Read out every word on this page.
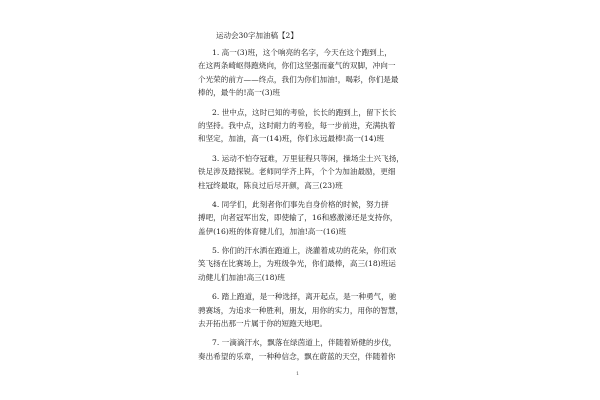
运动会30字加油稿【2】
1. 高一(3)班，这个响亮的名字，今天在这个跑到上，
在这两条崎岖得跑烧向，你们这坚强而豪气的双脚，冲向一
个光荣的前方——终点，我们为你们加油!，喝彩，你们是最
棒的，最牛的!高一(3)班
2. 世中点，这时已知的考验，长长的跑到上，留下长长
的坚持。我中点，这时耐力的考验，每一步前进，充满执着
和坚定，加油，高一(14)班，你们永远最棒!高一(14)班
3. 运动不怕夺冠难，万里征程只等闲，操场尘土兴飞扬，
铁足涉及踏探锐。老师同学齐上阵，个个为加油最励，更细
柱冠终最取，陈良过后尽开颜，高三(23)班
4. 同学们，此刻者你们事先自身价格的时候，努力拼
搏吧，向者冠军出发，即使输了，16和感激涕还是支持你，
盖伊(16)班的体育健儿们，加油!高一(16)班
5. 你们的汗水洒在跑道上，浇灌着成功的花朵，你们欢
笑飞扬在比赛场上，为班级争光，你们最棒，高三(18)班运
动健儿们加油!高三(18)班
6. 踏上跑道，是一种选择，离开起点，是一种勇气，驰
骋赛场，为追求一种胜利，朋友，用你的实力，用你的智慧，
去开拓出那一片属于你的短跑天地吧。
7. 一滴滴汗水，飘落在绿茵道上，伴随着矫健的步伐，
奏出希望的乐章，一种种信念，飘在蔚蓝的天空，伴随着你
1
